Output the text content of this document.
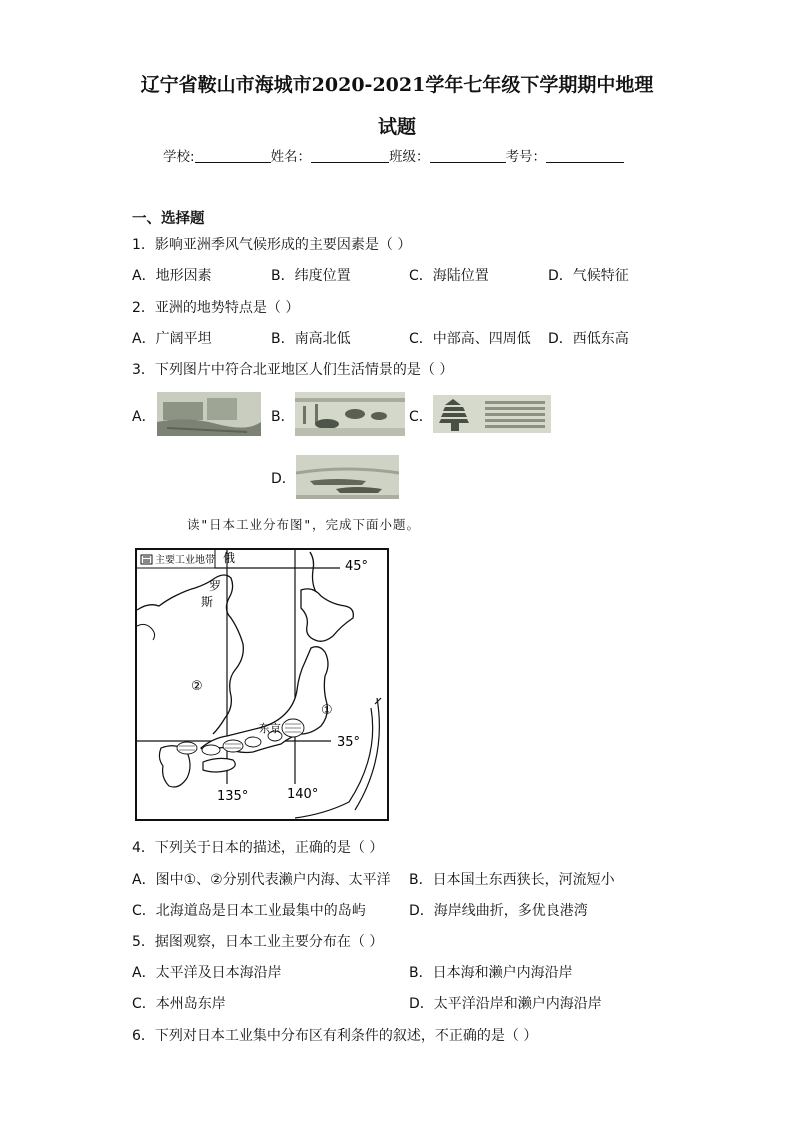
辽宁省鞍山市海城市2020-2021学年七年级下学期期中地理
试题
学校:	姓名：	班级：	考号：
一、选择题
1．影响亚洲季风气候形成的主要因素是（ ）
A．地形因素	B．纬度位置	C．海陆位置	D．气候特征
2．亚洲的地势特点是（ ）
A．广阔平坦	B．南高北低	C．中部高、四周低 D．西低东高
3．下列图片中符合北亚地区人们生活情景的是（ ）
A．	B．	C．
D．
读"日本工业分布图"，完成下面小题。
主要工业地带 俄
罗
斯
45°
35°
135°	140°
东京
①
②
4．下列关于日本的描述，正确的是（ ）
A．图中①、②分别代表濑户内海、太平洋 B．日本国土东西狭长，河流短小
C．北海道岛是日本工业最集中的岛屿	D．海岸线曲折，多优良港湾
5．据图观察，日本工业主要分布在（ ）
A．太平洋及日本海沿岸	B．日本海和濑户内海沿岸
C．本州岛东岸	D．太平洋沿岸和濑户内海沿岸
6．下列对日本工业集中分布区有利条件的叙述，不正确的是（ ）
